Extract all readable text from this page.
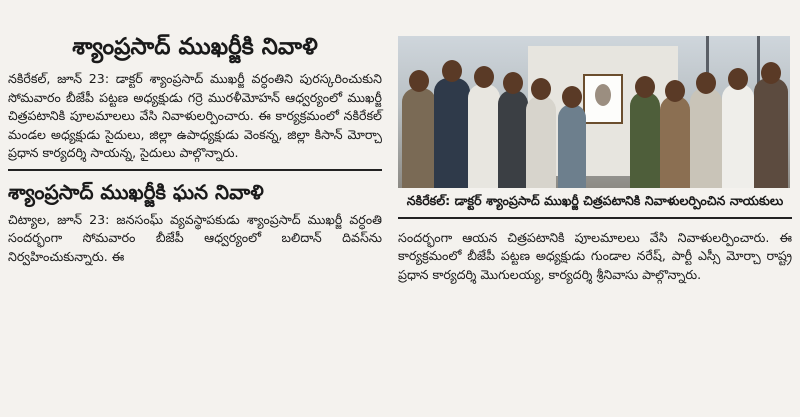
శ్యాంప్రసాద్ ముఖర్జీకి నివాళి

నకిరేకల్, జూన్ 23: డాక్టర్ శ్యాంప్రసాద్ ముఖర్జీ వర్ధంతిని పురస్కరించుకుని సోమవారం బీజేపీ పట్టణ అధ్యక్షుడు గర్రె మురళీమోహన్ ఆధ్వర్యంలో ముఖర్జీ చిత్రపటానికి పూలమాలలు వేసి నివాళులర్పించారు. ఈ కార్యక్రమంలో నకిరేకల్ మండల అధ్యక్షుడు సైదులు, జిల్లా ఉపాధ్యక్షుడు వెంకన్న, జిల్లా కిసాన్ మోర్చా ప్రధాన కార్యదర్శి సాయన్న, సైదులు పాల్గొన్నారు.

శ్యాంప్రసాద్ ముఖర్జీకి ఘన నివాళి

చిట్యాల, జూన్ 23: జనసంఘ్ వ్యవస్థాపకుడు శ్యాంప్రసాద్ ముఖర్జీ వర్ధంతి సందర్భంగా సోమవారం బీజేపీ ఆధ్వర్యంలో బలిదాన్ దివస్‌ను నిర్వహించుకున్నారు. ఈ

నకిరేకల్: డాక్టర్ శ్యాంప్రసాద్ ముఖర్జీ చిత్రపటానికి నివాళులర్పించిన నాయకులు

సందర్భంగా ఆయన చిత్రపటానికి పూలమాలలు వేసి నివాళులర్పించారు. ఈ కార్యక్రమంలో బీజేపీ పట్టణ అధ్యక్షుడు గుండాల నరేష్, పార్టీ ఎస్సీ మోర్చా రాష్ట్ర ప్రధాన కార్యదర్శి మొగులయ్య, కార్యదర్శి శ్రీనివాసు పాల్గొన్నారు.
